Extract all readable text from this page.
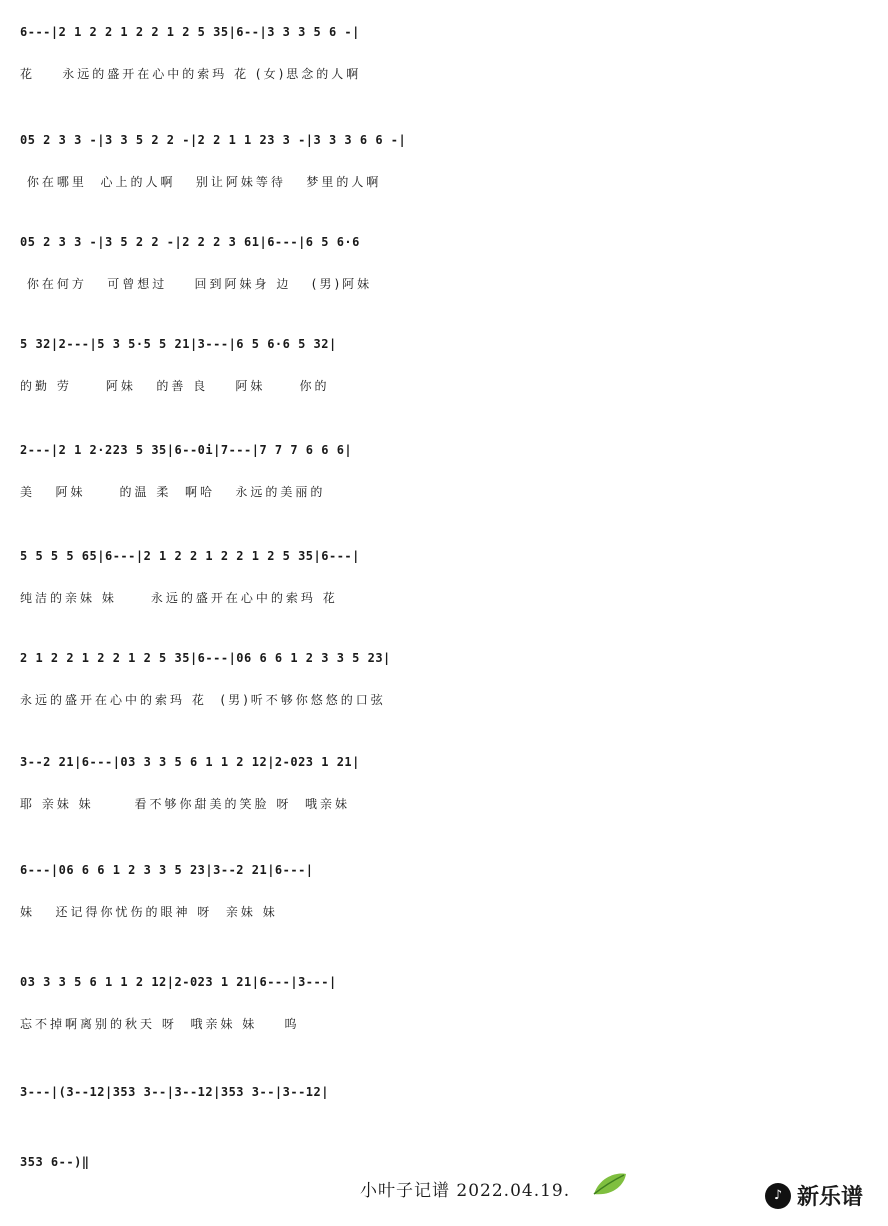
6---|2 1 2 2 1 2 2 1 2 5 35|6--|3 3 3 5 6 -|
花    永远的盛开在心中的索玛 花 (女)思念的人啊
05 2 3 3 -|3 3 5 2 2 -|2 2 1 1 23 3 -|3 3 3 6 6 -|
你在哪里  心上的人啊   别让阿妹等待   梦里的人啊
05 2 3 3 -|3 5 2 2 -|2 2 2 3 61|6---|6 5 6·6
你在何方   可曾想过    回到阿妹身 边   (男)阿妹
5 32|2---|5 3 5·5 5 21|3---|6 5 6·6 5 32|
的勤 劳     阿妹   的善 良    阿妹     你的
2---|2 1 2·223 5 35|6--0i|7---|7 7 7 6 6 6|
美   阿妹     的温 柔  啊哈   永远的美丽的
5 5 5 5 65|6---|2 1 2 2 1 2 2 1 2 5 35|6---|
纯洁的亲妹 妹     永远的盛开在心中的索玛 花
2 1 2 2 1 2 2 1 2 5 35|6---|06 6 6 1 2 3 3 5 23|
永远的盛开在心中的索玛 花  (男)听不够你悠悠的口弦
3--2 21|6---|03 3 3 5 6 1 1 2 12|2-023 1 21|
耶 亲妹 妹      看不够你甜美的笑脸 呀  哦亲妹
6---|06 6 6 1 2 3 3 5 23|3--2 21|6---|
妹   还记得你忧伤的眼神 呀  亲妹 妹
03 3 3 5 6 1 1 2 12|2-023 1 21|6---|3---|
忘不掉啊离别的秋天 呀  哦亲妹 妹    呜
3---|(3--12|353 3--|3--12|353 3--|3--12|
353 6--)‖
小叶子记谱 2022.04.19.	♪ 新乐谱
